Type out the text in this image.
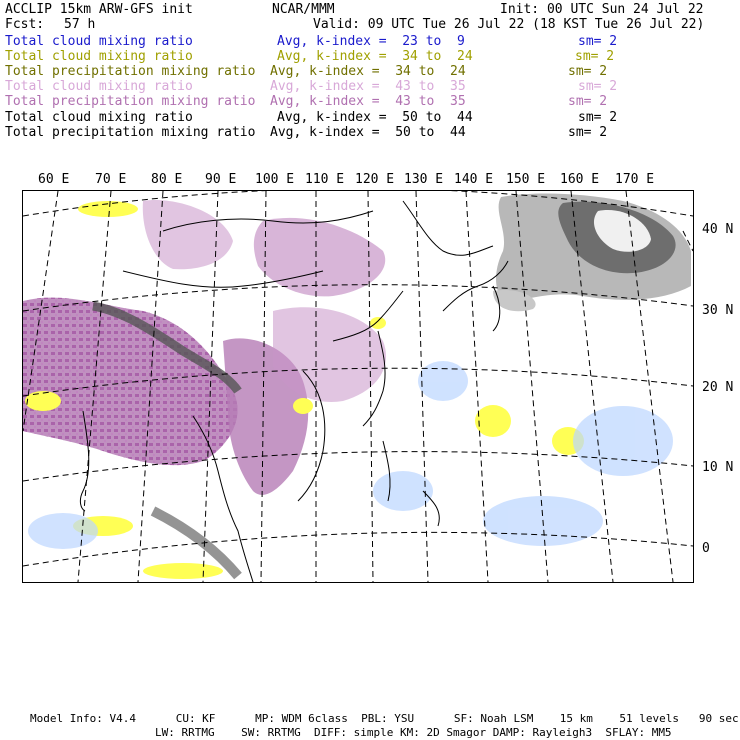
ACCLIP 15km ARW-GFS init	NCAR/MMM	Init: 00 UTC Sun 24 Jul 22
Fcst: 57 h	Valid: 09 UTC Tue 26 Jul 22 (18 KST Tue 26 Jul 22)
Total cloud mixing ratio	Avg, k-index =  23 to  9	sm= 2
Total cloud mixing ratio	Avg, k-index =  34 to  24	sm= 2
Total precipitation mixing ratio Avg, k-index =  34 to  24	sm= 2
Total cloud mixing ratio	Avg, k-index =  43 to  35	sm= 2
Total precipitation mixing ratio Avg, k-index =  43 to  35	sm= 2
Total cloud mixing ratio	Avg, k-index =  50 to  44	sm= 2
Total precipitation mixing ratio Avg, k-index =  50 to  44	sm= 2
60 E 70 E 80 E 90 E 100 E 110 E 120 E 130 E 140 E 150 E 160 E 170 E
40 N
30 N
20 N
10 N
0
Model Info: V4.4      CU: KF      MP: WDM 6class  PBL: YSU      SF: Noah LSM    15 km    51 levels   90 sec
LW: RRTMG    SW: RRTMG  DIFF: simple KM: 2D Smagor DAMP: Rayleigh3  SFLAY: MM5
